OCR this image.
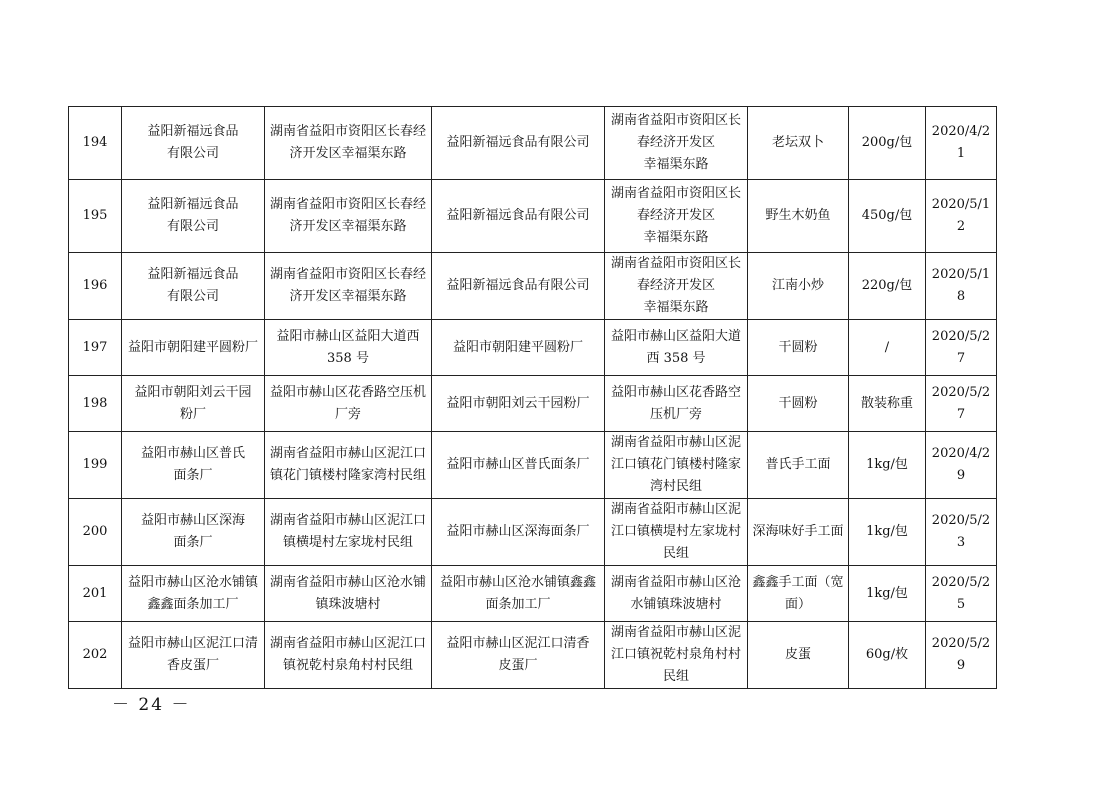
194	益阳新福远食品
有限公司	湖南省益阳市资阳区长春经
济开发区幸福渠东路	益阳新福远食品有限公司	湖南省益阳市资阳区长
春经济开发区
幸福渠东路	老坛双卜	200g/包	2020/4/21

195	益阳新福远食品
有限公司	湖南省益阳市资阳区长春经
济开发区幸福渠东路	益阳新福远食品有限公司	湖南省益阳市资阳区长
春经济开发区
幸福渠东路	野生木奶鱼	450g/包	2020/5/12

196	益阳新福远食品
有限公司	湖南省益阳市资阳区长春经
济开发区幸福渠东路	益阳新福远食品有限公司	湖南省益阳市资阳区长
春经济开发区
幸福渠东路	江南小炒	220g/包	2020/5/18

197	益阳市朝阳建平圆粉厂	益阳市赫山区益阳大道西
358 号	益阳市朝阳建平圆粉厂	益阳市赫山区益阳大道
西 358 号	干圆粉	/	2020/5/27

198	益阳市朝阳刘云干园
粉厂	益阳市赫山区花香路空压机
厂旁	益阳市朝阳刘云干园粉厂	益阳市赫山区花香路空
压机厂旁	干圆粉	散装称重	2020/5/27

199	益阳市赫山区普氏
面条厂	湖南省益阳市赫山区泥江口
镇花门镇楼村隆家湾村民组	益阳市赫山区普氏面条厂	湖南省益阳市赫山区泥
江口镇花门镇楼村隆家
湾村民组	普氏手工面	1kg/包	2020/4/29

200	益阳市赫山区深海
面条厂	湖南省益阳市赫山区泥江口
镇横堤村左家垅村民组	益阳市赫山区深海面条厂	湖南省益阳市赫山区泥
江口镇横堤村左家垅村
民组	深海味好手工面	1kg/包	2020/5/23

201	益阳市赫山区沧水铺镇
鑫鑫面条加工厂	湖南省益阳市赫山区沧水铺
镇珠波塘村	益阳市赫山区沧水铺镇鑫鑫
面条加工厂	湖南省益阳市赫山区沧
水铺镇珠波塘村	鑫鑫手工面（宽
面）	1kg/包	2020/5/25

202	益阳市赫山区泥江口清
香皮蛋厂	湖南省益阳市赫山区泥江口
镇祝乾村泉角村村民组	益阳市赫山区泥江口清香
皮蛋厂	湖南省益阳市赫山区泥
江口镇祝乾村泉角村村
民组	皮蛋	60g/枚	2020/5/29
－ 24 －
